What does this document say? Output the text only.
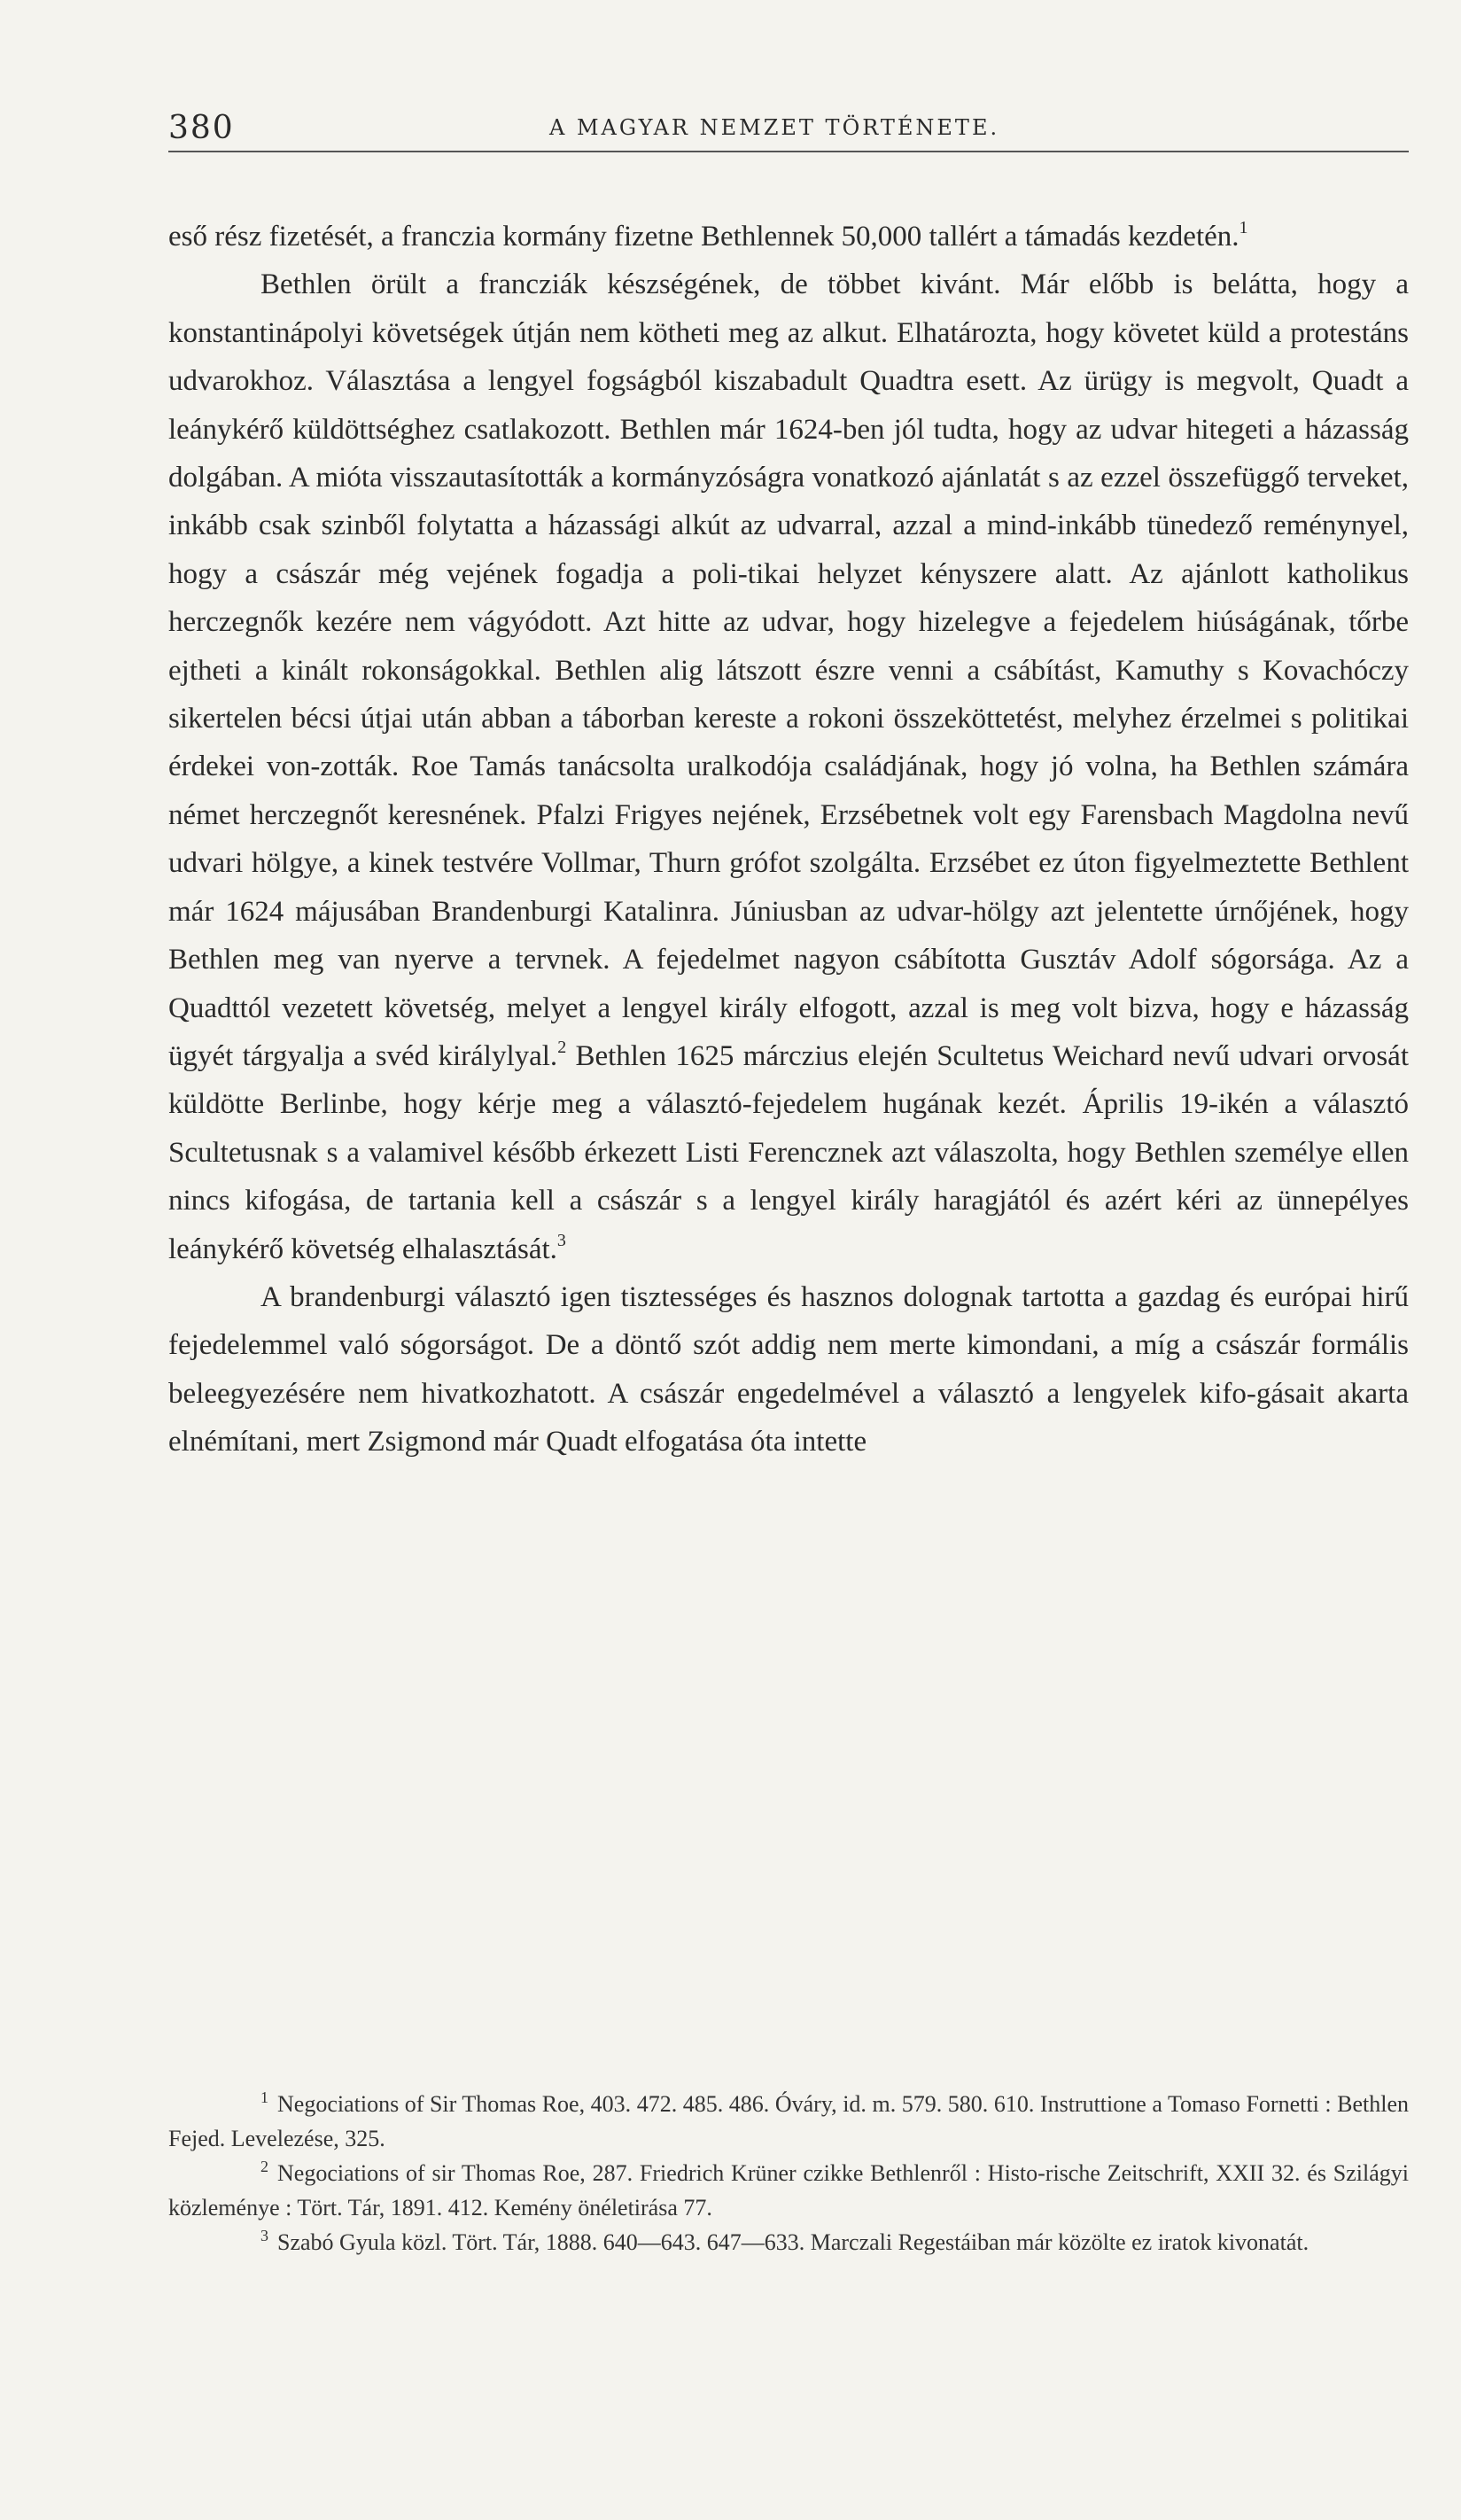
380	A MAGYAR NEMZET TÖRTÉNETE.

eső rész fizetését, a franczia kormány fizetne Bethlennek 50,000 tallért a támadás kezdetén.$^1$

Bethlen örült a francziák készségének, de többet kivánt. Már előbb is belátta, hogy a konstantinápolyi követségek útján nem kötheti meg az alkut. Elhatározta, hogy követet küld a protestáns udvarokhoz. Választása a lengyel fogságból kiszabadult Quadtra esett. Az ürügy is megvolt, Quadt a leánykérő küldöttséghez csatlakozott. Bethlen már 1624-ben jól tudta, hogy az udvar hitegeti a házasság dolgában. A mióta visszautasították a kormányzóságra vonatkozó ajánlatát s az ezzel összefüggő terveket, inkább csak szinből folytatta a házassági alkút az udvarral, azzal a mind-inkább tünedező reménynyel, hogy a császár még vejének fogadja a poli-tikai helyzet kényszere alatt. Az ajánlott katholikus herczegnők kezére nem vágyódott. Azt hitte az udvar, hogy hizelegve a fejedelem hiúságának, tőrbe ejtheti a kinált rokonságokkal. Bethlen alig látszott észre venni a csábítást, Kamuthy s Kovachóczy sikertelen bécsi útjai után abban a táborban kereste a rokoni összeköttetést, melyhez érzelmei s politikai érdekei von-zották. Roe Tamás tanácsolta uralkodója családjának, hogy jó volna, ha Bethlen számára német herczegnőt keresnének. Pfalzi Frigyes nejének, Erzsébetnek volt egy Farensbach Magdolna nevű udvari hölgye, a kinek testvére Vollmar, Thurn grófot szolgálta. Erzsébet ez úton figyelmeztette Bethlent már 1624 májusában Brandenburgi Katalinra. Júniusban az udvar-hölgy azt jelentette úrnőjének, hogy Bethlen meg van nyerve a tervnek. A fejedelmet nagyon csábította Gusztáv Adolf sógorsága. Az a Quadttól vezetett követség, melyet a lengyel király elfogott, azzal is meg volt bizva, hogy e házasság ügyét tárgyalja a svéd királylyal.$^2$ Bethlen 1625 márczius elején Scultetus Weichard nevű udvari orvosát küldötte Berlinbe, hogy kérje meg a választó-fejedelem hugának kezét. Április 19-ikén a választó Scultetusnak s a valamivel később érkezett Listi Ferencznek azt válaszolta, hogy Bethlen személye ellen nincs kifogása, de tartania kell a császár s a lengyel király haragjától és azért kéri az ünnepélyes leánykérő követség elhalasztását.$^3$

A brandenburgi választó igen tisztességes és hasznos dolognak tartotta a gazdag és európai hirű fejedelemmel való sógorságot. De a döntő szót addig nem merte kimondani, a míg a császár formális beleegyezésére nem hivatkozhatott. A császár engedelmével a választó a lengyelek kifo-gásait akarta elnémítani, mert Zsigmond már Quadt elfogatása óta intette

$^1$ Negociations of Sir Thomas Roe, 403. 472. 485. 486. Óváry, id. m. 579. 580. 610. Instruttione a Tomaso Fornetti : Bethlen Fejed. Levelezése, 325.

$^2$ Negociations of sir Thomas Roe, 287. Friedrich Krüner czikke Bethlenről : Histo-rische Zeitschrift, XXII 32. és Szilágyi közleménye : Tört. Tár, 1891. 412. Kemény önéletirása 77.

$^3$ Szabó Gyula közl. Tört. Tár, 1888. 640—643. 647—633. Marczali Regestáiban már közölte ez iratok kivonatát.
